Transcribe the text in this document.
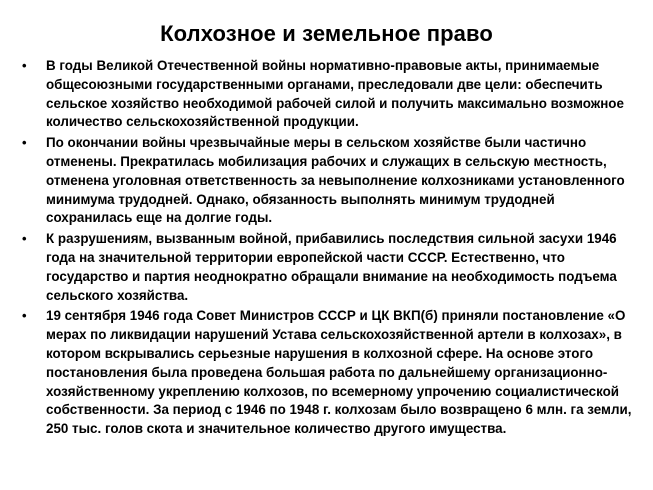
Колхозное и земельное право
•	В годы Великой Отечественной войны нормативно-правовые акты, принимаемые общесоюзными государственными органами, преследовали две цели: обеспечить сельское хозяйство необходимой рабочей силой и получить максимально возможное количество сельскохозяйственной продукции.
•	По окончании войны чрезвычайные меры в сельском хозяйстве были частично отменены. Прекратилась мобилизация рабочих и служащих в сельскую местность, отменена уголовная ответственность за невыполнение колхозниками установленного минимума трудодней. Однако, обязанность выполнять минимум трудодней сохранилась еще на долгие годы.
•	К разрушениям, вызванным войной, прибавились последствия сильной засухи 1946 года на значительной территории европейской части СССР. Естественно, что государство и партия неоднократно обращали внимание на необходимость подъема сельского хозяйства.
•	19 сентября 1946 года Совет Министров СССР и ЦК ВКП(б) приняли постановление «О мерах по ликвидации нарушений Устава сельскохозяйственной артели в колхозах», в котором вскрывались серьезные нарушения в колхозной сфере. На основе этого постановления была проведена большая работа по дальнейшему организационно-хозяйственному укреплению колхозов, по всемерному упрочению социалистической собственности. За период с 1946 по 1948 г. колхозам было возвращено 6 млн. га земли, 250 тыс. голов скота и значительное количество другого имущества.
